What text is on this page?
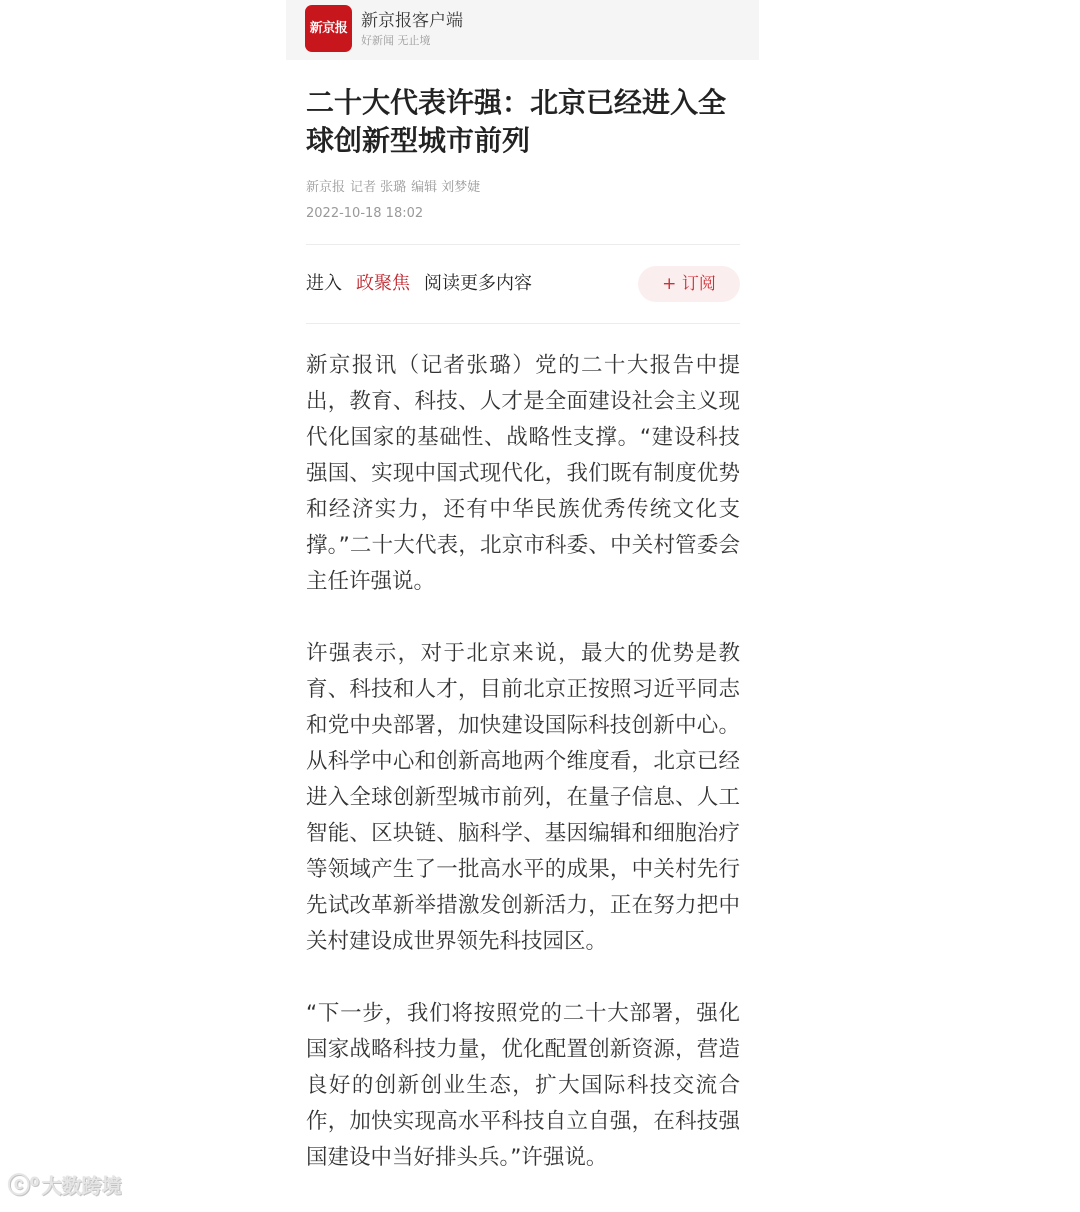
新京报 新京报客户端
好新闻 无止境
二十大代表许强：北京已经进入全球创新型城市前列
新京报 记者 张璐 编辑 刘梦婕
2022-10-18 18:02
进入 政聚焦 阅读更多内容	+ 订阅

新京报讯（记者张璐）党的二十大报告中提出，教育、科技、人才是全面建设社会主义现代化国家的基础性、战略性支撑。“建设科技强国、实现中国式现代化，我们既有制度优势和经济实力，还有中华民族优秀传统文化支撑。”二十大代表，北京市科委、中关村管委会主任许强说。

许强表示，对于北京来说，最大的优势是教育、科技和人才，目前北京正按照习近平同志和党中央部署，加快建设国际科技创新中心。从科学中心和创新高地两个维度看，北京已经进入全球创新型城市前列，在量子信息、人工智能、区块链、脑科学、基因编辑和细胞治疗等领域产生了一批高水平的成果，中关村先行先试改革新举措激发创新活力，正在努力把中关村建设成世界领先科技园区。

“下一步，我们将按照党的二十大部署，强化国家战略科技力量，优化配置创新资源，营造良好的创新创业生态，扩大国际科技交流合作，加快实现高水平科技自立自强，在科技强国建设中当好排头兵。”许强说。

ⓒ⁰ 大数跨境
